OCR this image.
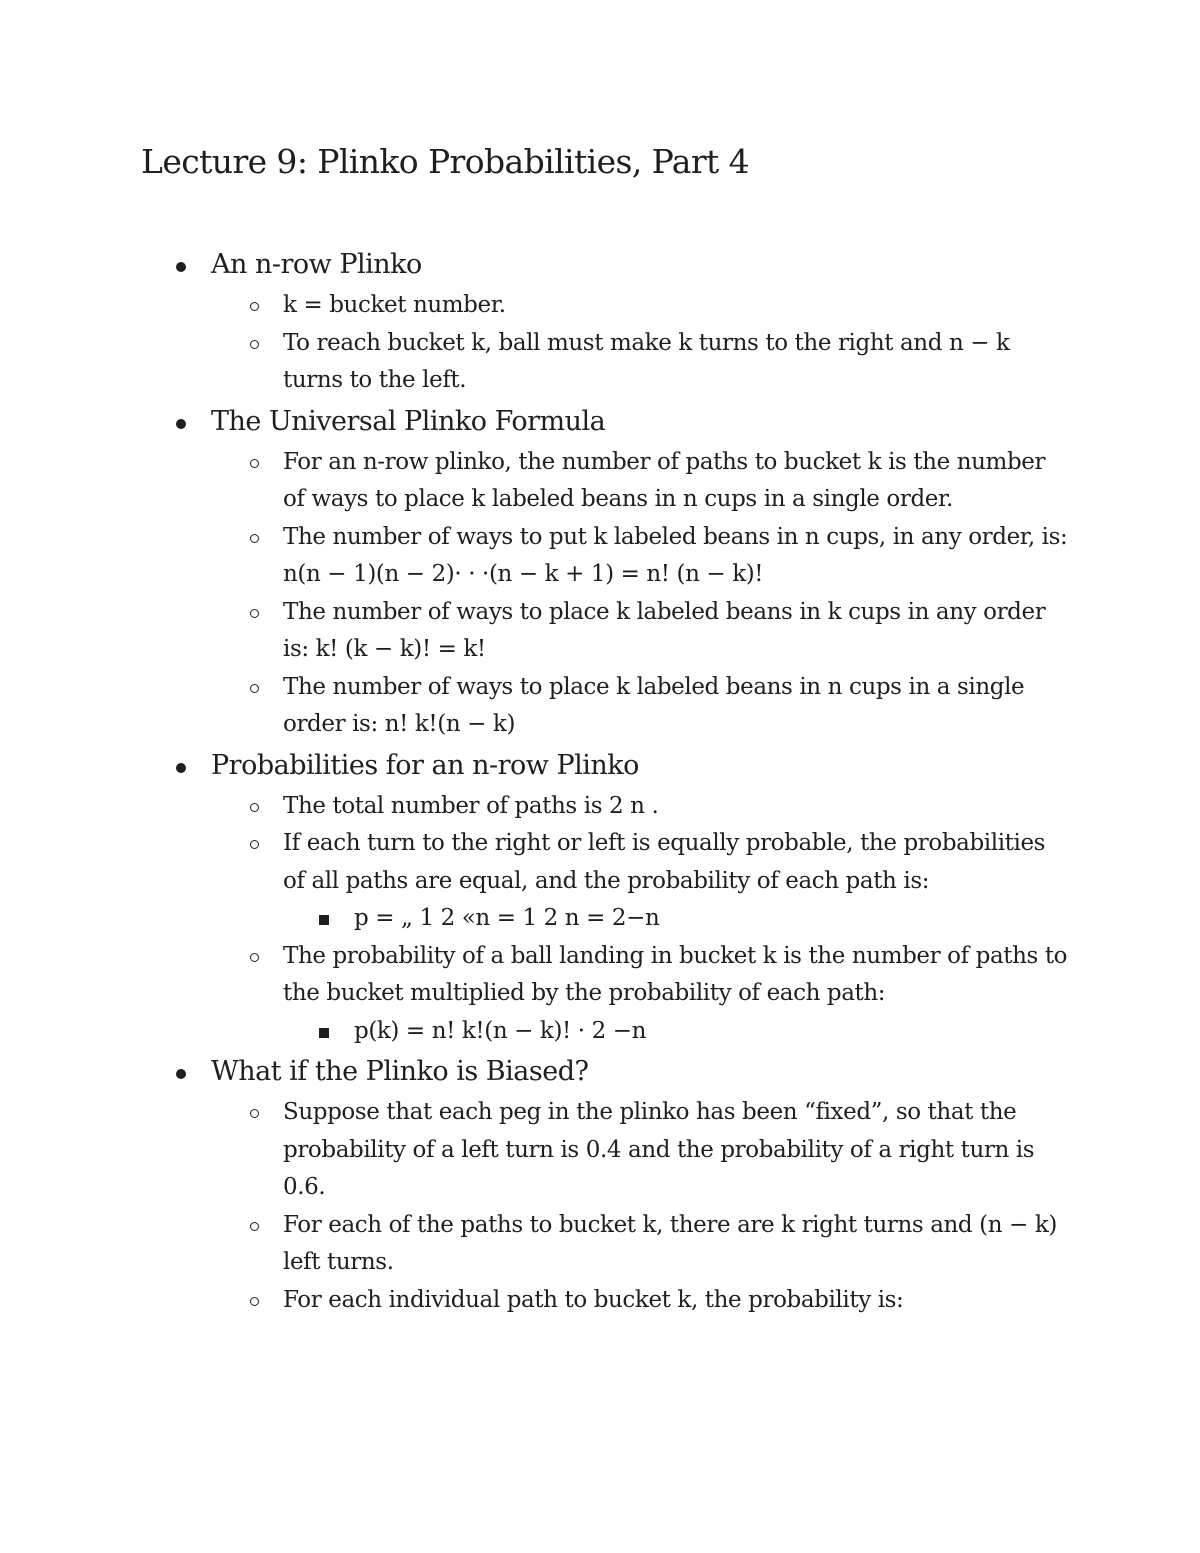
Lecture 9: Plinko Probabilities, Part 4
An n-row Plinko
k = bucket number.
To reach bucket k, ball must make k turns to the right and n − k turns to the left.
The Universal Plinko Formula
For an n-row plinko, the number of paths to bucket k is the number of ways to place k labeled beans in n cups in a single order.
The number of ways to put k labeled beans in n cups, in any order, is: n(n − 1)(n − 2)· · ·(n − k + 1) = n! (n − k)!
The number of ways to place k labeled beans in k cups in any order is: k! (k − k)! = k!
The number of ways to place k labeled beans in n cups in a single order is: n! k!(n − k)
Probabilities for an n-row Plinko
The total number of paths is 2 n .
If each turn to the right or left is equally probable, the probabilities of all paths are equal, and the probability of each path is:
p = „ 1 2 «n = 1 2 n = 2−n
The probability of a ball landing in bucket k is the number of paths to the bucket multiplied by the probability of each path:
p(k) = n! k!(n − k)! · 2 −n
What if the Plinko is Biased?
Suppose that each peg in the plinko has been “fixed”, so that the probability of a left turn is 0.4 and the probability of a right turn is 0.6.
For each of the paths to bucket k, there are k right turns and (n − k) left turns.
For each individual path to bucket k, the probability is:
